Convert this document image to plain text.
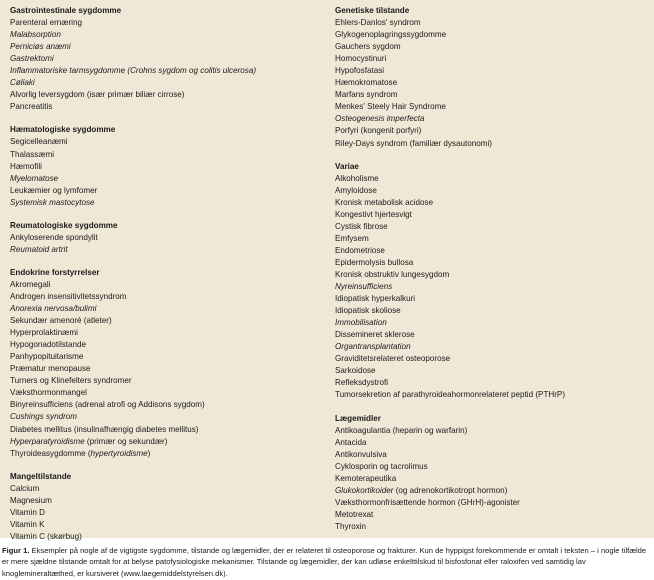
Gastrointestinale sygdomme
Parenteral ernæring
Malabsorption
Perniciøs anæmi
Gastrektomi
Inflammatoriske tarmsygdomme (Crohns sygdom og colitis ulcerosa)
Cøliaki
Alvorlig leversygdom (især primær biliær cirrose)
Pancreatitis
Hæmatologiske sygdomme
Segicelleanæmi
Thalassæmi
Hæmofili
Myelomatose
Leukæmier og lymfomer
Systemisk mastocytose
Reumatologiske sygdomme
Ankyloserende spondylit
Reumatoid artrit
Endokrine forstyrrelser
Akromegali
Androgen insensitivitetssyndrom
Anorexia nervosa/bulimi
Sekundær amenoré (atleter)
Hyperprolaktinæmi
Hypogonadotilstande
Panhypopituitarisme
Præmatur menopause
Turners og Klinefelters syndromer
Væksthormonmangel
Binyreinsufficiens (adrenal atrofi og Addisons sygdom)
Cushings syndrom
Diabetes mellitus (insulinafhængig diabetes mellitus)
Hyperparatyroidisme (primær og sekundær)
Thyroideasygdomme (hypertyroidisme)
Mangeltilstande
Calcium
Magnesium
Vitamin D
Vitamin K
Vitamin C (skørbug)
Genetiske tilstande
Ehlers-Danlos' syndrom
Glykogenoplagringssygdomme
Gauchers sygdom
Homocystinuri
Hypofosfatasi
Hæmokromatose
Marfans syndrom
Menkes' Steely Hair Syndrome
Osteogenesis imperfecta
Porfyri (kongenit porfyri)
Riley-Days syndrom (familiær dysautonomi)
Variae
Alkoholisme
Amyloidose
Kronisk metabolisk acidose
Kongestivt hjertesvigt
Cystisk fibrose
Emfysem
Endometriose
Epidermolysis bullosa
Kronisk obstruktiv lungesygdom
Nyreinsufficiens
Idiopatisk hyperkalkuri
Idiopatisk skoliose
Immobilisation
Dissemineret sklerose
Organtransplantation
Graviditetsrelateret osteoporose
Sarkoidose
Refleksdystrofi
Tumorsekretion af parathyroideahormonrelateret peptid (PTHrP)
Lægemidler
Antikoagulantia (heparin og warfarin)
Antacida
Antikonvulsiva
Cyklosporin og tacrolimus
Kemoterapeutika
Glukokortikoider (og adrenokortikotropt hormon)
Væksthormonfrisættende hormon (GHrH)-agonister
Metotrexat
Thyroxin
Figur 1. Eksempler på nogle af de vigtigste sygdomme, tilstande og lægemidler, der er relateret til osteoporose og frakturer. Kun de hyppigst forekommende er omtalt i teksten – i nogle tilfælde er mere sjældne tilstande omtalt for at belyse patofysiologiske mekanismer. Tilstande og lægemidler, der kan udløse enkelttilskud til bisfosfonat eller raloxifen ved samtidig lav knoglemineraltæthed, er kursiveret (www.laegemiddelstyrelsen.dk).
